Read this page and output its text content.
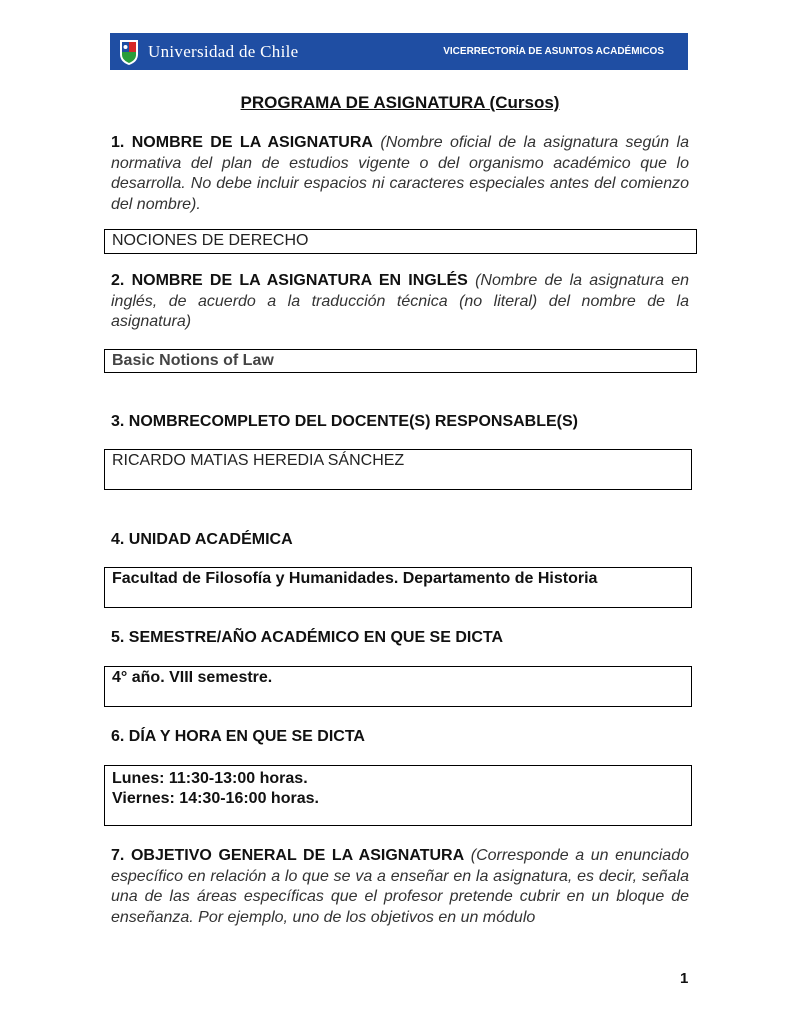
Universidad de Chile	VICERRECTORÍA DE ASUNTOS ACADÉMICOS
PROGRAMA DE ASIGNATURA (Cursos)
1. NOMBRE DE LA ASIGNATURA (Nombre oficial de la asignatura según la normativa del plan de estudios vigente o del organismo académico que lo desarrolla. No debe incluir espacios ni caracteres especiales antes del comienzo del nombre).
NOCIONES DE DERECHO
2. NOMBRE DE LA ASIGNATURA EN INGLÉS (Nombre de la asignatura en inglés, de acuerdo a la traducción técnica (no literal) del nombre de la asignatura)
Basic Notions of Law
3. NOMBRECOMPLETO DEL DOCENTE(S) RESPONSABLE(S)
RICARDO MATIAS HEREDIA SÁNCHEZ
4. UNIDAD ACADÉMICA
Facultad de Filosofía y Humanidades. Departamento de Historia
5. SEMESTRE/AÑO ACADÉMICO EN QUE SE DICTA
4° año. VIII semestre.
6. DÍA Y HORA EN QUE SE DICTA
Lunes: 11:30-13:00 horas.
Viernes: 14:30-16:00 horas.
7. OBJETIVO GENERAL DE LA ASIGNATURA (Corresponde a un enunciado específico en relación a lo que se va a enseñar en la asignatura, es decir, señala una de las áreas específicas que el profesor pretende cubrir en un bloque de enseñanza. Por ejemplo, uno de los objetivos en un módulo
1
